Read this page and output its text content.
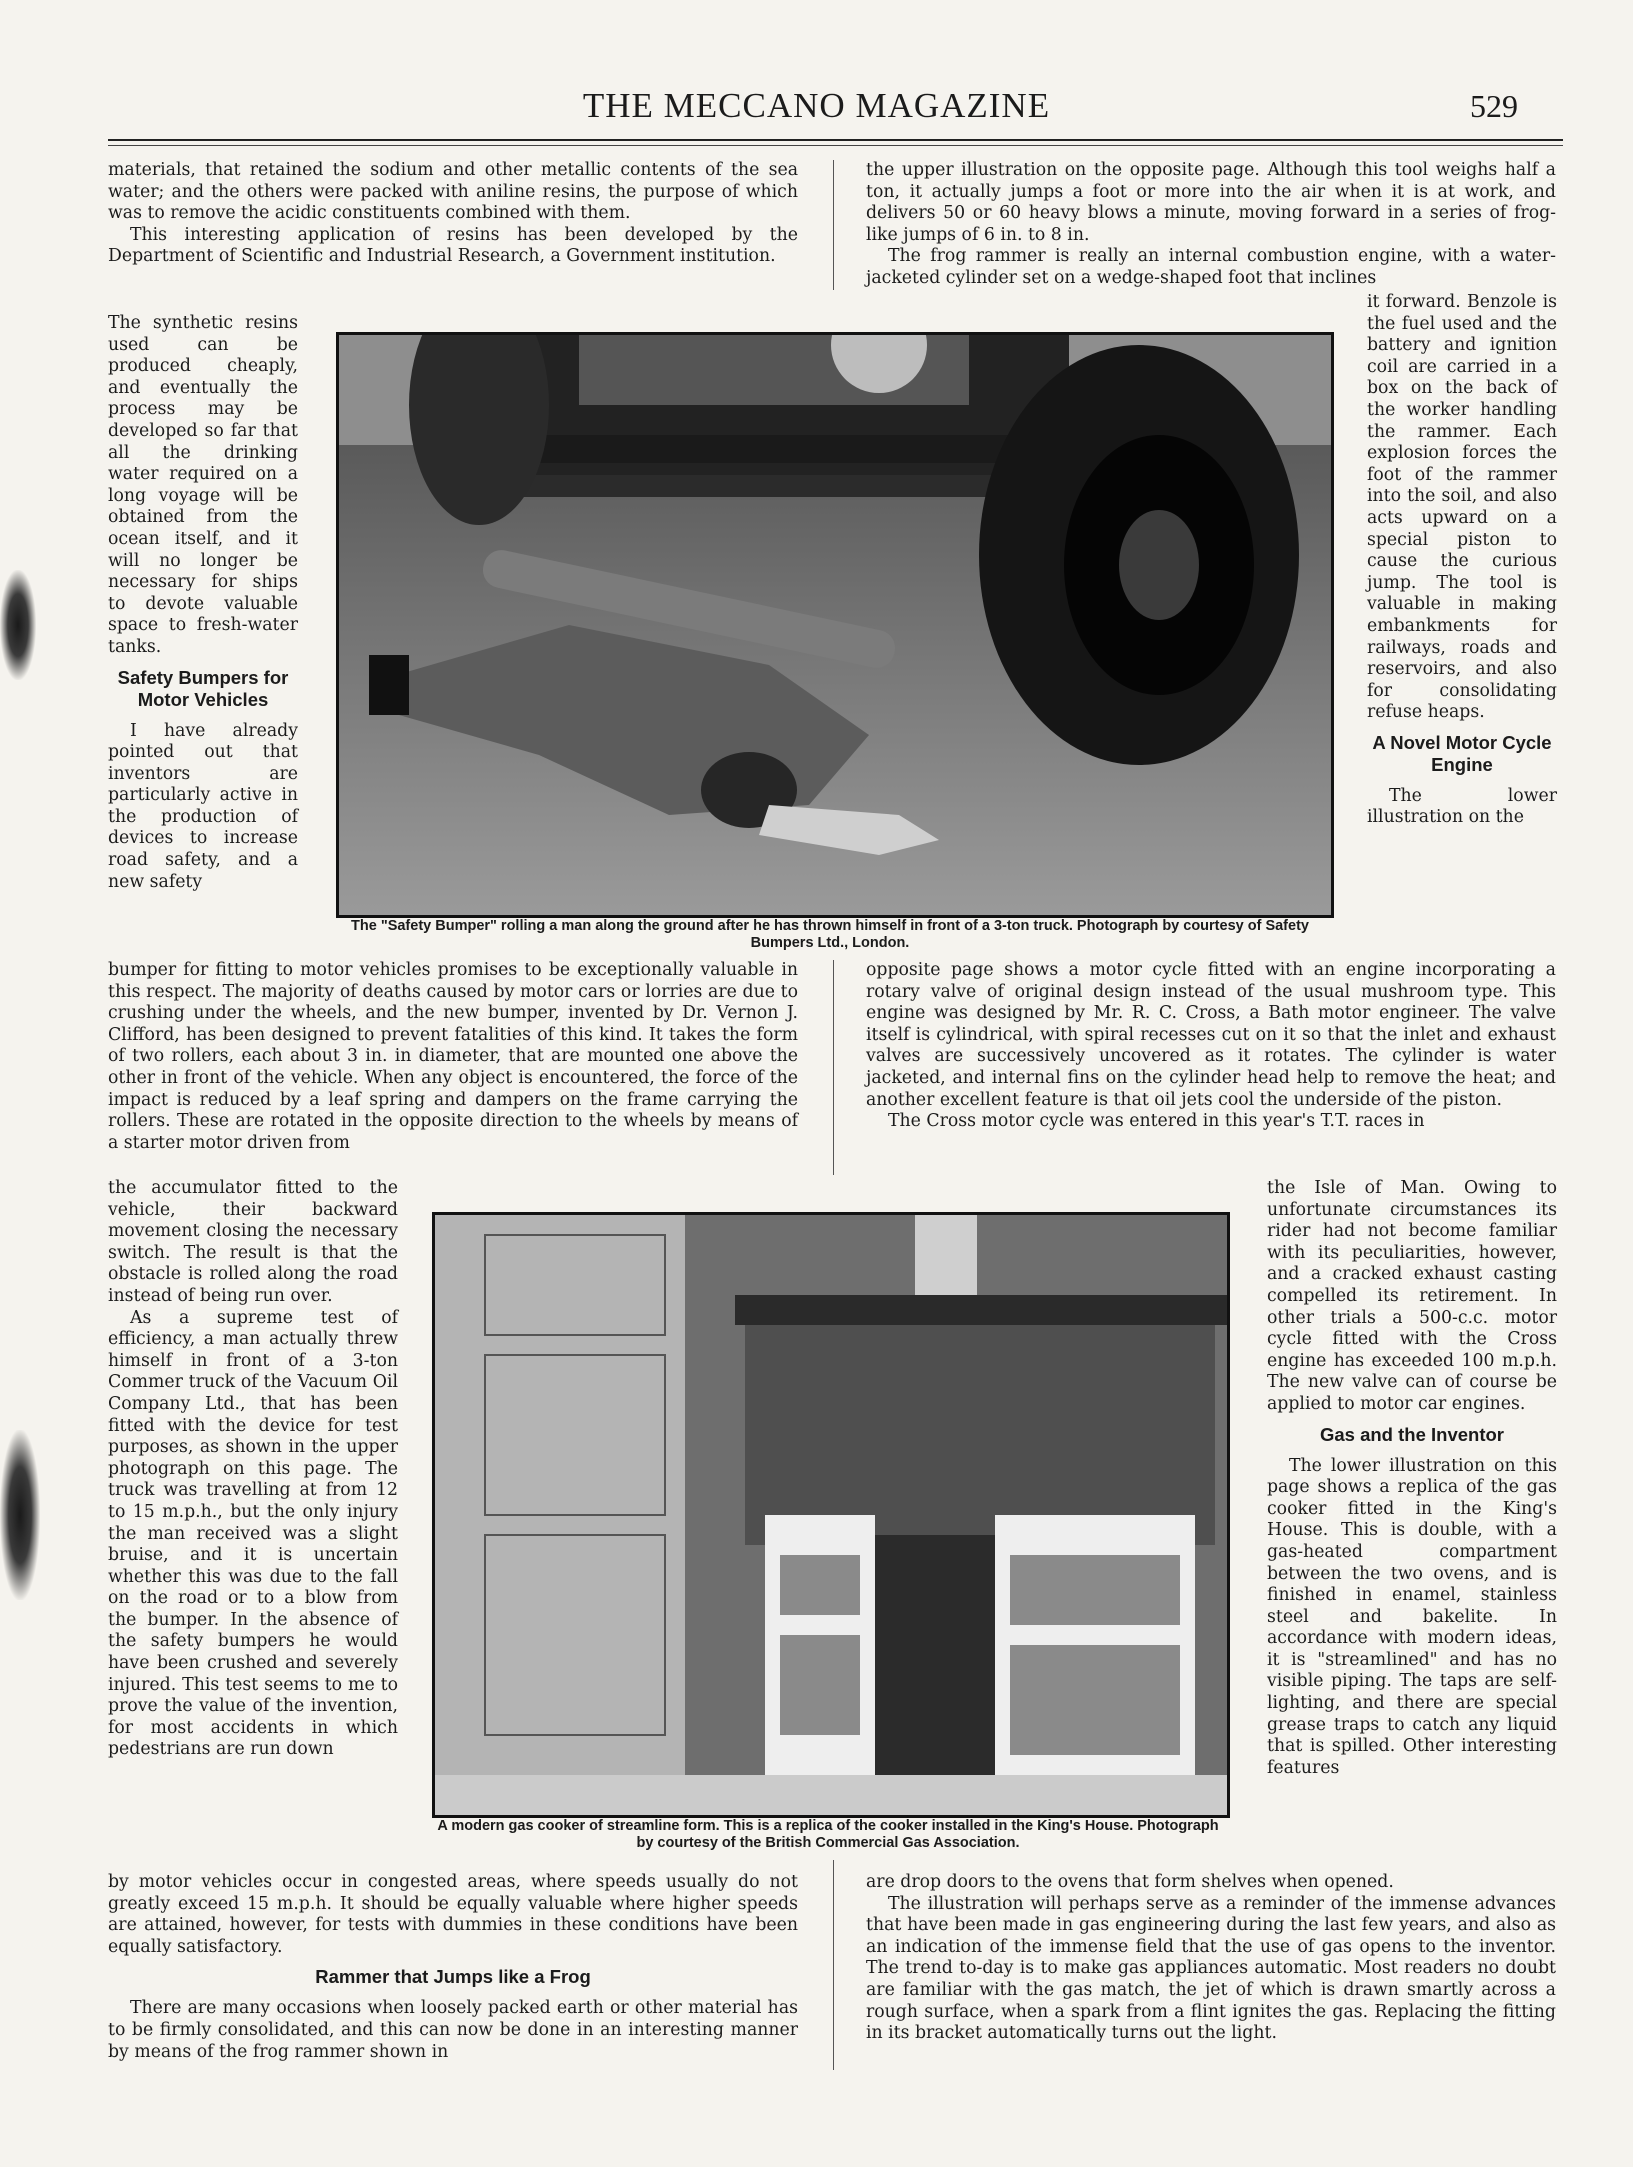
THE MECCANO MAGAZINE	529

materials, that retained the sodium and other metallic contents of the sea water; and the others were packed with aniline resins, the purpose of which was to remove the acidic constituents combined with them.

This interesting application of resins has been developed by the Department of Scientific and Industrial Research, a Government institution.

The synthetic resins used can be produced cheaply, and eventually the process may be developed so far that all the drinking water required on a long voyage will be obtained from the ocean itself, and it will no longer be necessary for ships to devote valuable space to fresh-water tanks.

Safety Bumpers for Motor Vehicles

I have already pointed out that inventors are particularly active in the production of devices to increase road safety, and a new safety

bumper for fitting to motor vehicles promises to be exceptionally valuable in this respect. The majority of deaths caused by motor cars or lorries are due to crushing under the wheels, and the new bumper, invented by Dr. Vernon J. Clifford, has been designed to prevent fatalities of this kind. It takes the form of two rollers, each about 3 in. in diameter, that are mounted one above the other in front of the vehicle. When any object is encountered, the force of the impact is reduced by a leaf spring and dampers on the frame carrying the rollers. These are rotated in the opposite direction to the wheels by means of a starter motor driven from

the accumulator fitted to the vehicle, their backward movement closing the necessary switch. The result is that the obstacle is rolled along the road instead of being run over.

As a supreme test of efficiency, a man actually threw himself in front of a 3-ton Commer truck of the Vacuum Oil Company Ltd., that has been fitted with the device for test purposes, as shown in the upper photograph on this page. The truck was travelling at from 12 to 15 m.p.h., but the only injury the man received was a slight bruise, and it is uncertain whether this was due to the fall on the road or to a blow from the bumper. In the absence of the safety bumpers he would have been crushed and severely injured. This test seems to me to prove the value of the invention, for most accidents in which pedestrians are run down

by motor vehicles occur in congested areas, where speeds usually do not greatly exceed 15 m.p.h. It should be equally valuable where higher speeds are attained, however, for tests with dummies in these conditions have been equally satisfactory.

Rammer that Jumps like a Frog

There are many occasions when loosely packed earth or other material has to be firmly consolidated, and this can now be done in an interesting manner by means of the frog rammer shown in

the upper illustration on the opposite page. Although this tool weighs half a ton, it actually jumps a foot or more into the air when it is at work, and delivers 50 or 60 heavy blows a minute, moving forward in a series of frog-like jumps of 6 in. to 8 in.

The frog rammer is really an internal combustion engine, with a water-jacketed cylinder set on a wedge-shaped foot that inclines

it forward. Benzole is the fuel used and the battery and ignition coil are carried in a box on the back of the worker handling the rammer. Each explosion forces the foot of the rammer into the soil, and also acts upward on a special piston to cause the curious jump. The tool is valuable in making embankments for railways, roads and reservoirs, and also for consolidating refuse heaps.

A Novel Motor Cycle Engine

The lower illustration on the

opposite page shows a motor cycle fitted with an engine incorporating a rotary valve of original design instead of the usual mushroom type. This engine was designed by Mr. R. C. Cross, a Bath motor engineer. The valve itself is cylindrical, with spiral recesses cut on it so that the inlet and exhaust valves are successively uncovered as it rotates. The cylinder is water jacketed, and internal fins on the cylinder head help to remove the heat; and another excellent feature is that oil jets cool the underside of the piston.

The Cross motor cycle was entered in this year's T.T. races in

the Isle of Man. Owing to unfortunate circumstances its rider had not become familiar with its peculiarities, however, and a cracked exhaust casting compelled its retirement. In other trials a 500-c.c. motor cycle fitted with the Cross engine has exceeded 100 m.p.h. The new valve can of course be applied to motor car engines.

Gas and the Inventor

The lower illustration on this page shows a replica of the gas cooker fitted in the King's House. This is double, with a gas-heated compartment between the two ovens, and is finished in enamel, stainless steel and bakelite. In accordance with modern ideas, it is "streamlined" and has no visible piping. The taps are self-lighting, and there are special grease traps to catch any liquid that is spilled. Other interesting features

are drop doors to the ovens that form shelves when opened.

The illustration will perhaps serve as a reminder of the immense advances that have been made in gas engineering during the last few years, and also as an indication of the immense field that the use of gas opens to the inventor. The trend to-day is to make gas appliances automatic. Most readers no doubt are familiar with the gas match, the jet of which is drawn smartly across a rough surface, when a spark from a flint ignites the gas. Replacing the fitting in its bracket automatically turns out the light.

The "Safety Bumper" rolling a man along the ground after he has thrown himself in front of a 3-ton truck. Photograph by courtesy of Safety Bumpers Ltd., London.
A modern gas cooker of streamline form. This is a replica of the cooker installed in the King's House. Photograph by courtesy of the British Commercial Gas Association.
